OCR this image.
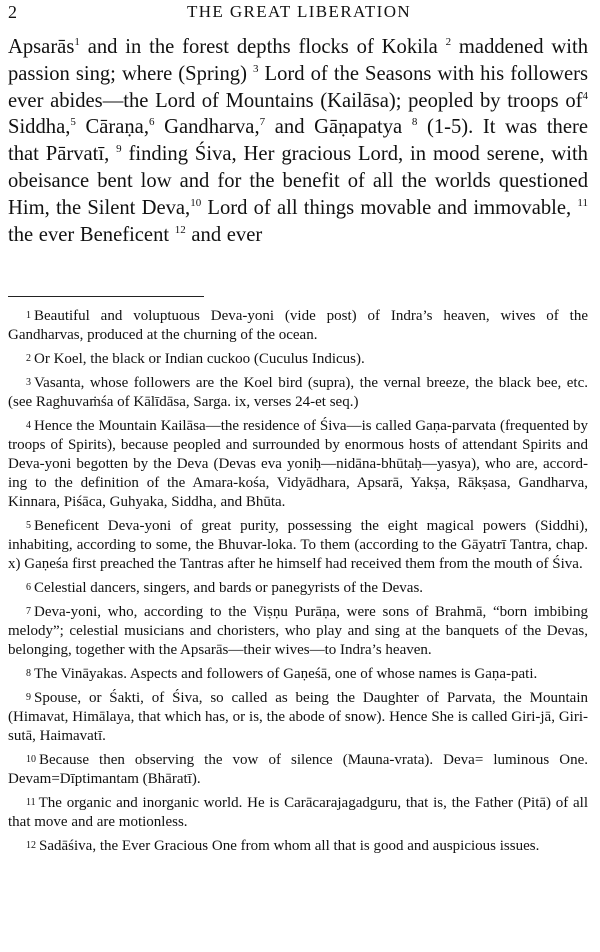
2	THE GREAT LIBERATION

Apsarās$^1$ and in the forest depths flocks of Kokila $^2$ maddened with passion sing; where (Spring) $^3$ Lord of the Seasons with his followers ever abides—the Lord of Mountains (Kailāsa); peopled by troops $of^4$ Siddha,$^5$ Cāraṇa,$^6$ Gandharva,$^7$ and Gāṇapatya $^8$ (1-5). It was there that Pārvatī, $^9$ finding Śiva, Her gracious Lord, in mood serene, with obeisance bent low and for the benefit of all the worlds questioned Him, the Silent Deva,$^{10}$ Lord of all things movable and immovable, $^{11}$ the ever Beneficent $^{12}$ and ever

1 Beautiful and voluptuous Deva-yoni (vide post) of Indra’s heaven, wives of the Gandharvas, produced at the churning of the ocean.

2 Or Koel, the black or Indian cuckoo (Cuculus Indicus).

3 Vasanta, whose followers are the Koel bird (supra), the vernal breeze, the black bee, etc. (see Raghuvaṁśa of Kālīdāsa, Sarga. ix, verses 24-et seq.)

4 Hence the Mountain Kailāsa—the residence of Śiva—is called Gaṇa-parvata (frequented by troops of Spirits), because peopled and surrounded by enormous hosts of attendant Spirits and Deva-yoni begotten by the Deva (Devas eva yoniḥ—nidāna-bhūtaḥ—yasya), who are, according to the definition of the Amara-kośa, Vidyādhara, Apsarā, Yakṣa, Rākṣasa, Gandharva, Kinnara, Piśāca, Guhyaka, Siddha, and Bhūta.

5 Beneficent Deva-yoni of great purity, possessing the eight magical powers (Siddhi), inhabiting, according to some, the Bhuvar-loka. To them (according to the Gāyatrī Tantra, chap. x) Gaṇeśa first preached the Tantras after he himself had received them from the mouth of Śiva.

6 Celestial dancers, singers, and bards or panegyrists of the Devas.

7 Deva-yoni, who, according to the Viṣṇu Purāṇa, were sons of Brahmā, “born imbibing melody”; celestial musicians and choristers, who play and sing at the banquets of the Devas, belonging, together with the Apsarās—their wives—to Indra’s heaven.

8 The Vināyakas. Aspects and followers of Gaṇeśā, one of whose names is Gaṇa-pati.

9 Spouse, or Śakti, of Śiva, so called as being the Daughter of Parvata, the Mountain (Himavat, Himālaya, that which has, or is, the abode of snow). Hence She is called Giri-jā, Giri-sutā, Haimavatī.

10 Because then observing the vow of silence (Mauna-vrata). Deva= luminous One. Devam=Dīptimantam (Bhāratī).

11 The organic and inorganic world. He is Carācarajagadguru, that is, the Father (Pitā) of all that move and are motionless.

12 Sadāśiva, the Ever Gracious One from whom all that is good and auspicious issues.
